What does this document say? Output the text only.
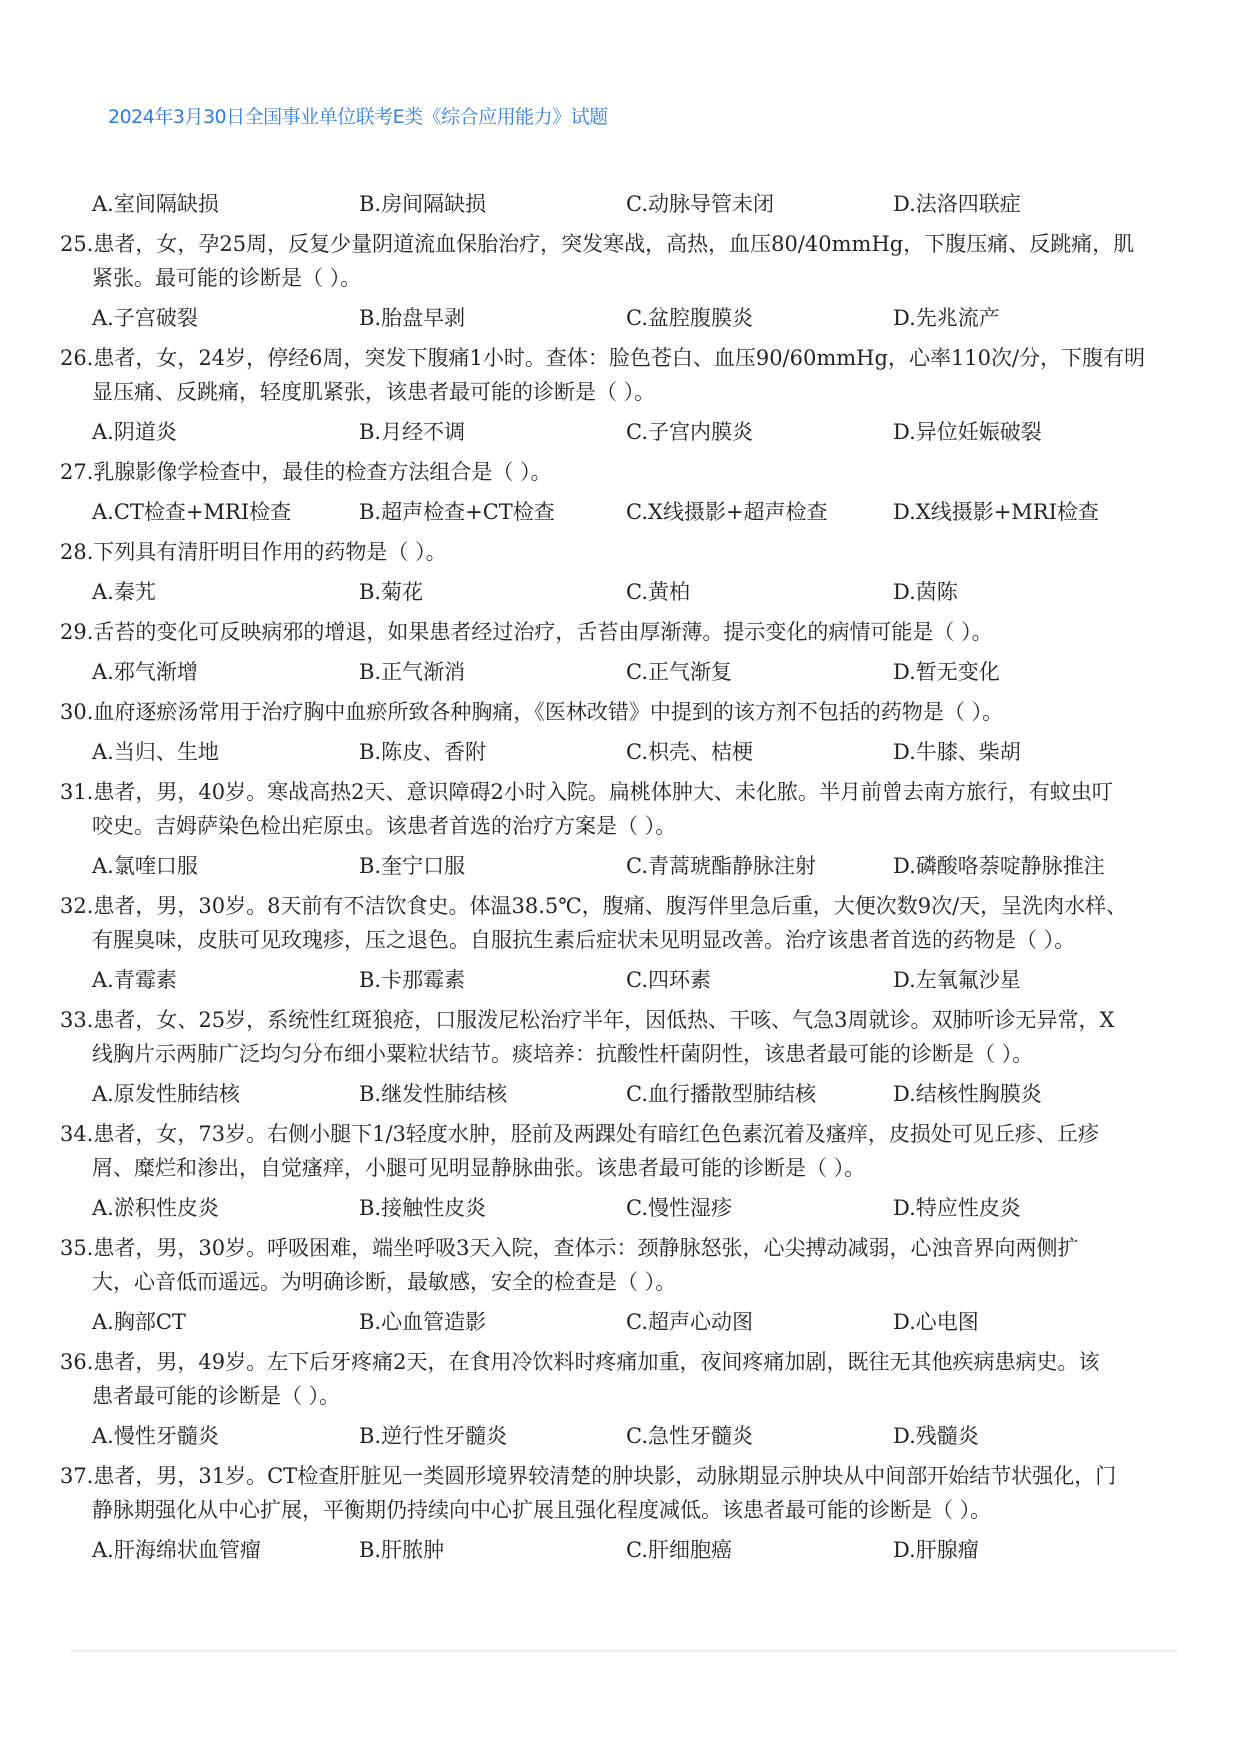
2024年3月30日全国事业单位联考E类《综合应用能力》试题
A.室间隔缺损	B.房间隔缺损	C.动脉导管未闭	D.法洛四联症
25.患者，女，孕25周，反复少量阴道流血保胎治疗，突发寒战，高热，血压80/40mmHg，下腹压痛、反跳痛，肌
紧张。最可能的诊断是（ ）。
A.子宫破裂	B.胎盘早剥	C.盆腔腹膜炎	D.先兆流产
26.患者，女，24岁，停经6周，突发下腹痛1小时。查体：脸色苍白、血压90/60mmHg，心率110次/分，下腹有明
显压痛、反跳痛，轻度肌紧张，该患者最可能的诊断是（ ）。
A.阴道炎	B.月经不调	C.子宫内膜炎	D.异位妊娠破裂
27.乳腺影像学检查中，最佳的检查方法组合是（ ）。
A.CT检查+MRI检查	B.超声检查+CT检查	C.X线摄影+超声检查	D.X线摄影+MRI检查
28.下列具有清肝明目作用的药物是（ ）。
A.秦艽	B.菊花	C.黄柏	D.茵陈
29.舌苔的变化可反映病邪的增退，如果患者经过治疗，舌苔由厚渐薄。提示变化的病情可能是（ ）。
A.邪气渐增	B.正气渐消	C.正气渐复	D.暂无变化
30.血府逐瘀汤常用于治疗胸中血瘀所致各种胸痛，《医林改错》中提到的该方剂不包括的药物是（ ）。
A.当归、生地	B.陈皮、香附	C.枳壳、桔梗	D.牛膝、柴胡
31.患者，男，40岁。寒战高热2天、意识障碍2小时入院。扁桃体肿大、未化脓。半月前曾去南方旅行，有蚊虫叮
咬史。吉姆萨染色检出疟原虫。该患者首选的治疗方案是（ ）。
A.氯喹口服	B.奎宁口服	C.青蒿琥酯静脉注射	D.磷酸咯萘啶静脉推注
32.患者，男，30岁。8天前有不洁饮食史。体温38.5℃，腹痛、腹泻伴里急后重，大便次数9次/天，呈洗肉水样、
有腥臭味，皮肤可见玫瑰疹，压之退色。自服抗生素后症状未见明显改善。治疗该患者首选的药物是（ ）。
A.青霉素	B.卡那霉素	C.四环素	D.左氧氟沙星
33.患者，女、25岁，系统性红斑狼疮，口服泼尼松治疗半年，因低热、干咳、气急3周就诊。双肺听诊无异常，X
线胸片示两肺广泛均匀分布细小粟粒状结节。痰培养：抗酸性杆菌阴性，该患者最可能的诊断是（ ）。
A.原发性肺结核	B.继发性肺结核	C.血行播散型肺结核	D.结核性胸膜炎
34.患者，女，73岁。右侧小腿下1/3轻度水肿，胫前及两踝处有暗红色色素沉着及瘙痒，皮损处可见丘疹、丘疹
屑、糜烂和渗出，自觉瘙痒，小腿可见明显静脉曲张。该患者最可能的诊断是（ ）。
A.淤积性皮炎	B.接触性皮炎	C.慢性湿疹	D.特应性皮炎
35.患者，男，30岁。呼吸困难，端坐呼吸3天入院，查体示：颈静脉怒张，心尖搏动减弱，心浊音界向两侧扩
大，心音低而遥远。为明确诊断，最敏感，安全的检查是（ ）。
A.胸部CT	B.心血管造影	C.超声心动图	D.心电图
36.患者，男，49岁。左下后牙疼痛2天，在食用冷饮料时疼痛加重，夜间疼痛加剧，既往无其他疾病患病史。该
患者最可能的诊断是（ ）。
A.慢性牙髓炎	B.逆行性牙髓炎	C.急性牙髓炎	D.残髓炎
37.患者，男，31岁。CT检查肝脏见一类圆形境界较清楚的肿块影，动脉期显示肿块从中间部开始结节状强化，门
静脉期强化从中心扩展，平衡期仍持续向中心扩展且强化程度减低。该患者最可能的诊断是（ ）。
A.肝海绵状血管瘤	B.肝脓肿	C.肝细胞癌	D.肝腺瘤
